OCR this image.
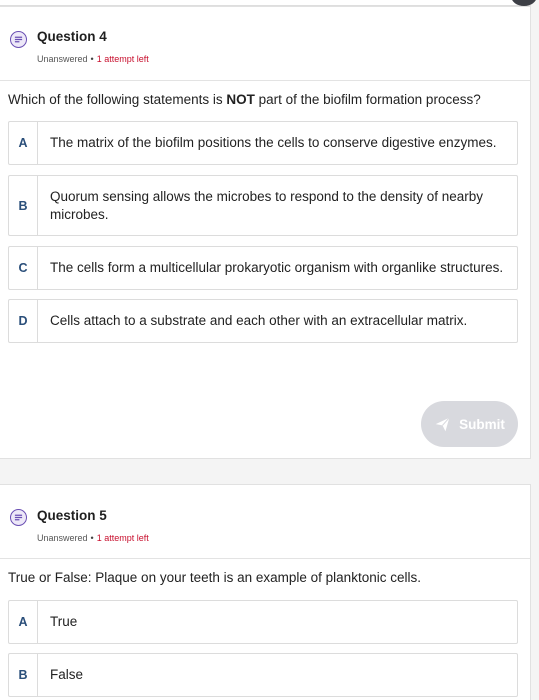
Question 4
Unanswered • 1 attempt left
Which of the following statements is NOT part of the biofilm formation process?
A	The matrix of the biofilm positions the cells to conserve digestive enzymes.
B
Quorum sensing allows the microbes to respond to the density of nearby microbes.
C	The cells form a multicellular prokaryotic organism with organlike structures.
D	Cells attach to a substrate and each other with an extracellular matrix.
Submit
Question 5
Unanswered • 1 attempt left
True or False: Plaque on your teeth is an example of planktonic cells.
A	True
B	False
